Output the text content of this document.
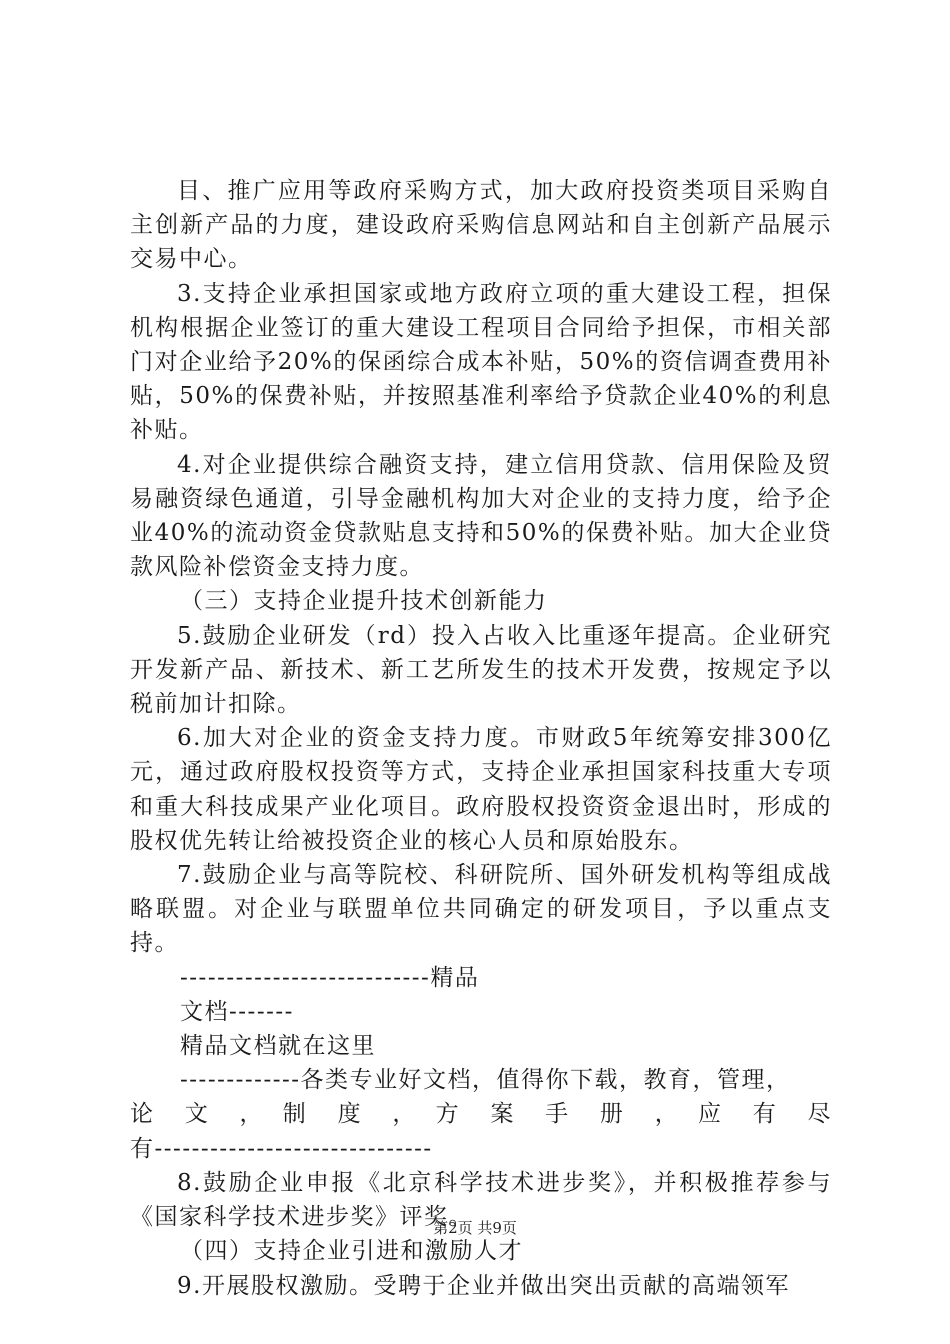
目、推广应用等政府采购方式，加大政府投资类项目采购自主创新产品的力度，建设政府采购信息网站和自主创新产品展示交易中心。

3.支持企业承担国家或地方政府立项的重大建设工程，担保机构根据企业签订的重大建设工程项目合同给予担保，市相关部门对企业给予20%的保函综合成本补贴，50%的资信调查费用补贴，50%的保费补贴，并按照基准利率给予贷款企业40%的利息补贴。

4.对企业提供综合融资支持，建立信用贷款、信用保险及贸易融资绿色通道，引导金融机构加大对企业的支持力度，给予企业40%的流动资金贷款贴息支持和50%的保费补贴。加大企业贷款风险补偿资金支持力度。

（三）支持企业提升技术创新能力

5.鼓励企业研发（rd）投入占收入比重逐年提高。企业研究开发新产品、新技术、新工艺所发生的技术开发费，按规定予以税前加计扣除。

6.加大对企业的资金支持力度。市财政5年统筹安排300亿元，通过政府股权投资等方式，支持企业承担国家科技重大专项和重大科技成果产业化项目。政府股权投资资金退出时，形成的股权优先转让给被投资企业的核心人员和原始股东。

7.鼓励企业与高等院校、科研院所、国外研发机构等组成战略联盟。对企业与联盟单位共同确定的研发项目，予以重点支持。

---------------------------精品

文档-------

精品文档就在这里

-------------各类专业好文档，值得你下载，教育，管理，

论　文　，　制　度　，　方　案　手　册　，　应　有　尽

有------------------------------

8.鼓励企业申报《北京科学技术进步奖》，并积极推荐参与《国家科学技术进步奖》评奖。

（四）支持企业引进和激励人才

9.开展股权激励。受聘于企业并做出突出贡献的高端领军

第2页 共9页
